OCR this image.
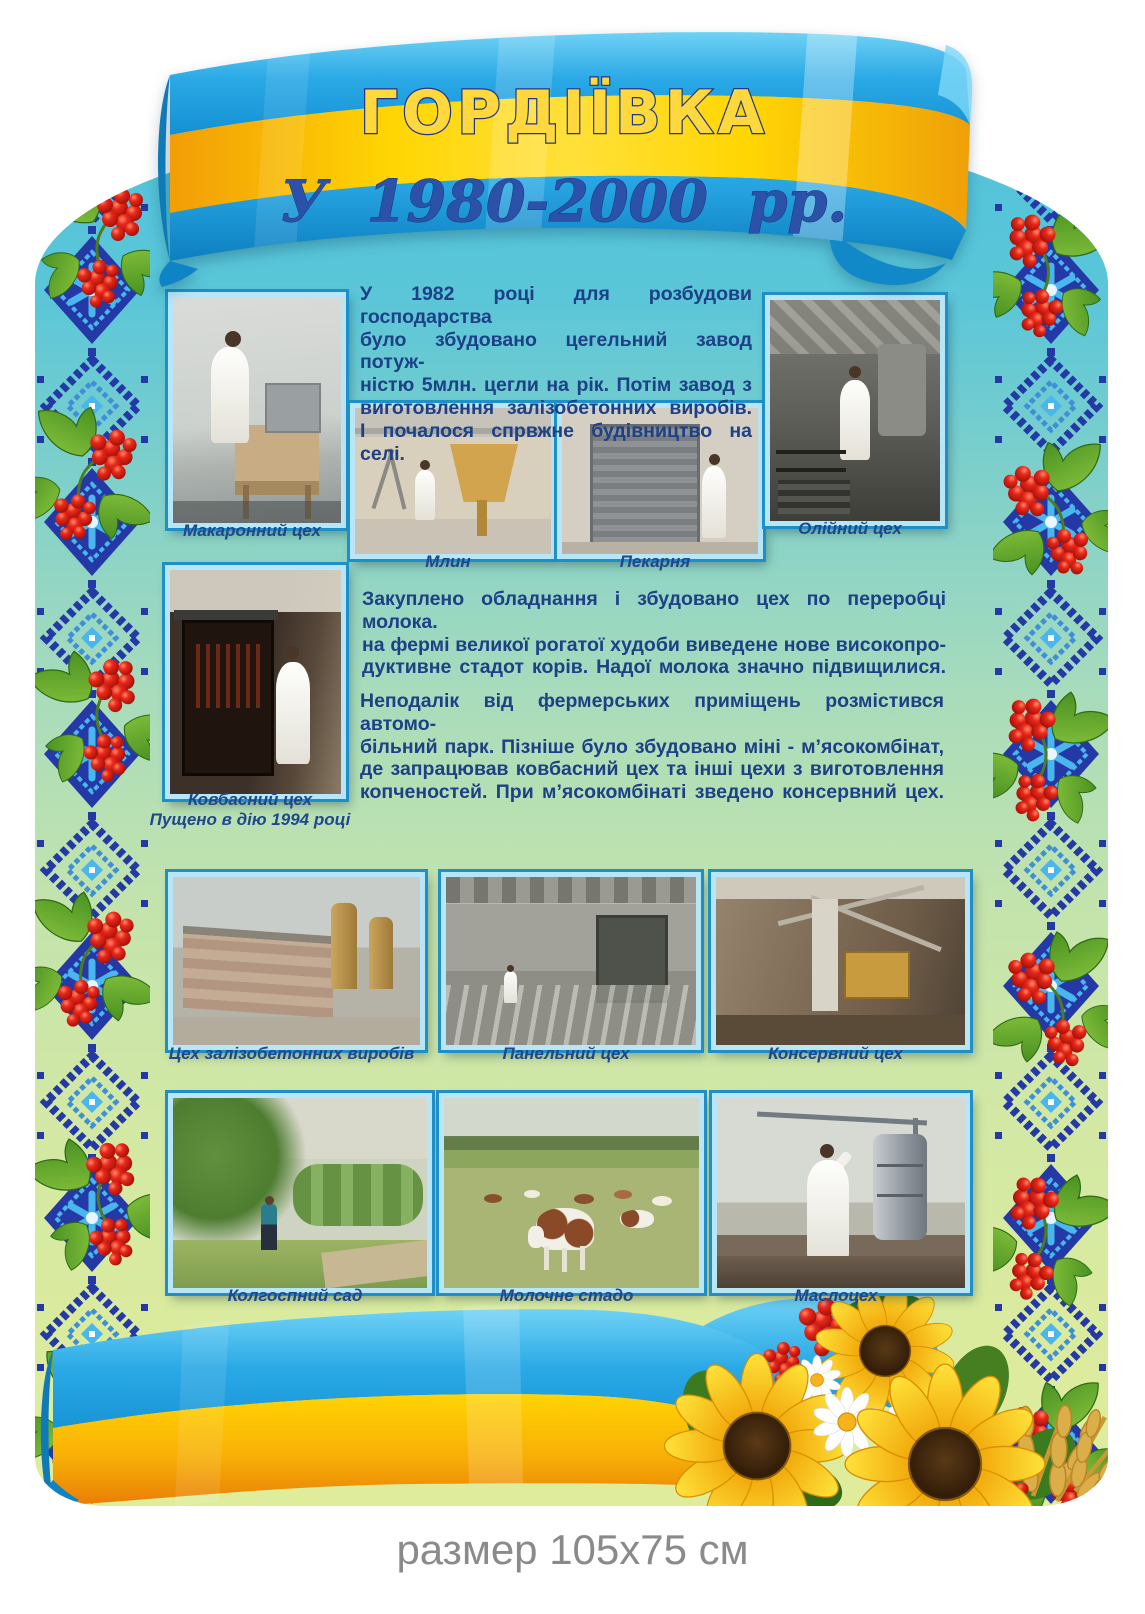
Макаронний цех
Млин	Пекарня
Олійний цех
Ковбасний цех
Пущено в дію 1994 році
Цех залізобетонних виробів	Панельний цех	Консервний цех
Колгоспний сад	Молочне стадо	Маслоцех
У 1982 році для розбудови господарства
було збудовано цегельний завод потуж-
ністю 5млн. цегли на рік. Потім завод з
виготовлення залізобетонних виробів.
І почалося спрвжне будівництво на селі.
Закуплено обладнання і збудовано цех по переробці молока.
на фермі великої рогатої худоби виведене нове високопро-
дуктивне стадот корів. Надої молока значно підвищилися.
Неподалік від фермерських приміщень розмістився автомо-
більний парк. Пізніше було збудовано міні - м’ясокомбінат,
де запрацював ковбасний цех та інші цехи з виготовлення
копченостей. При м’ясокомбінаті зведено консервний цех.
ГОРДІЇВКА
У 1980-2000 рр.
размер 105х75 см
